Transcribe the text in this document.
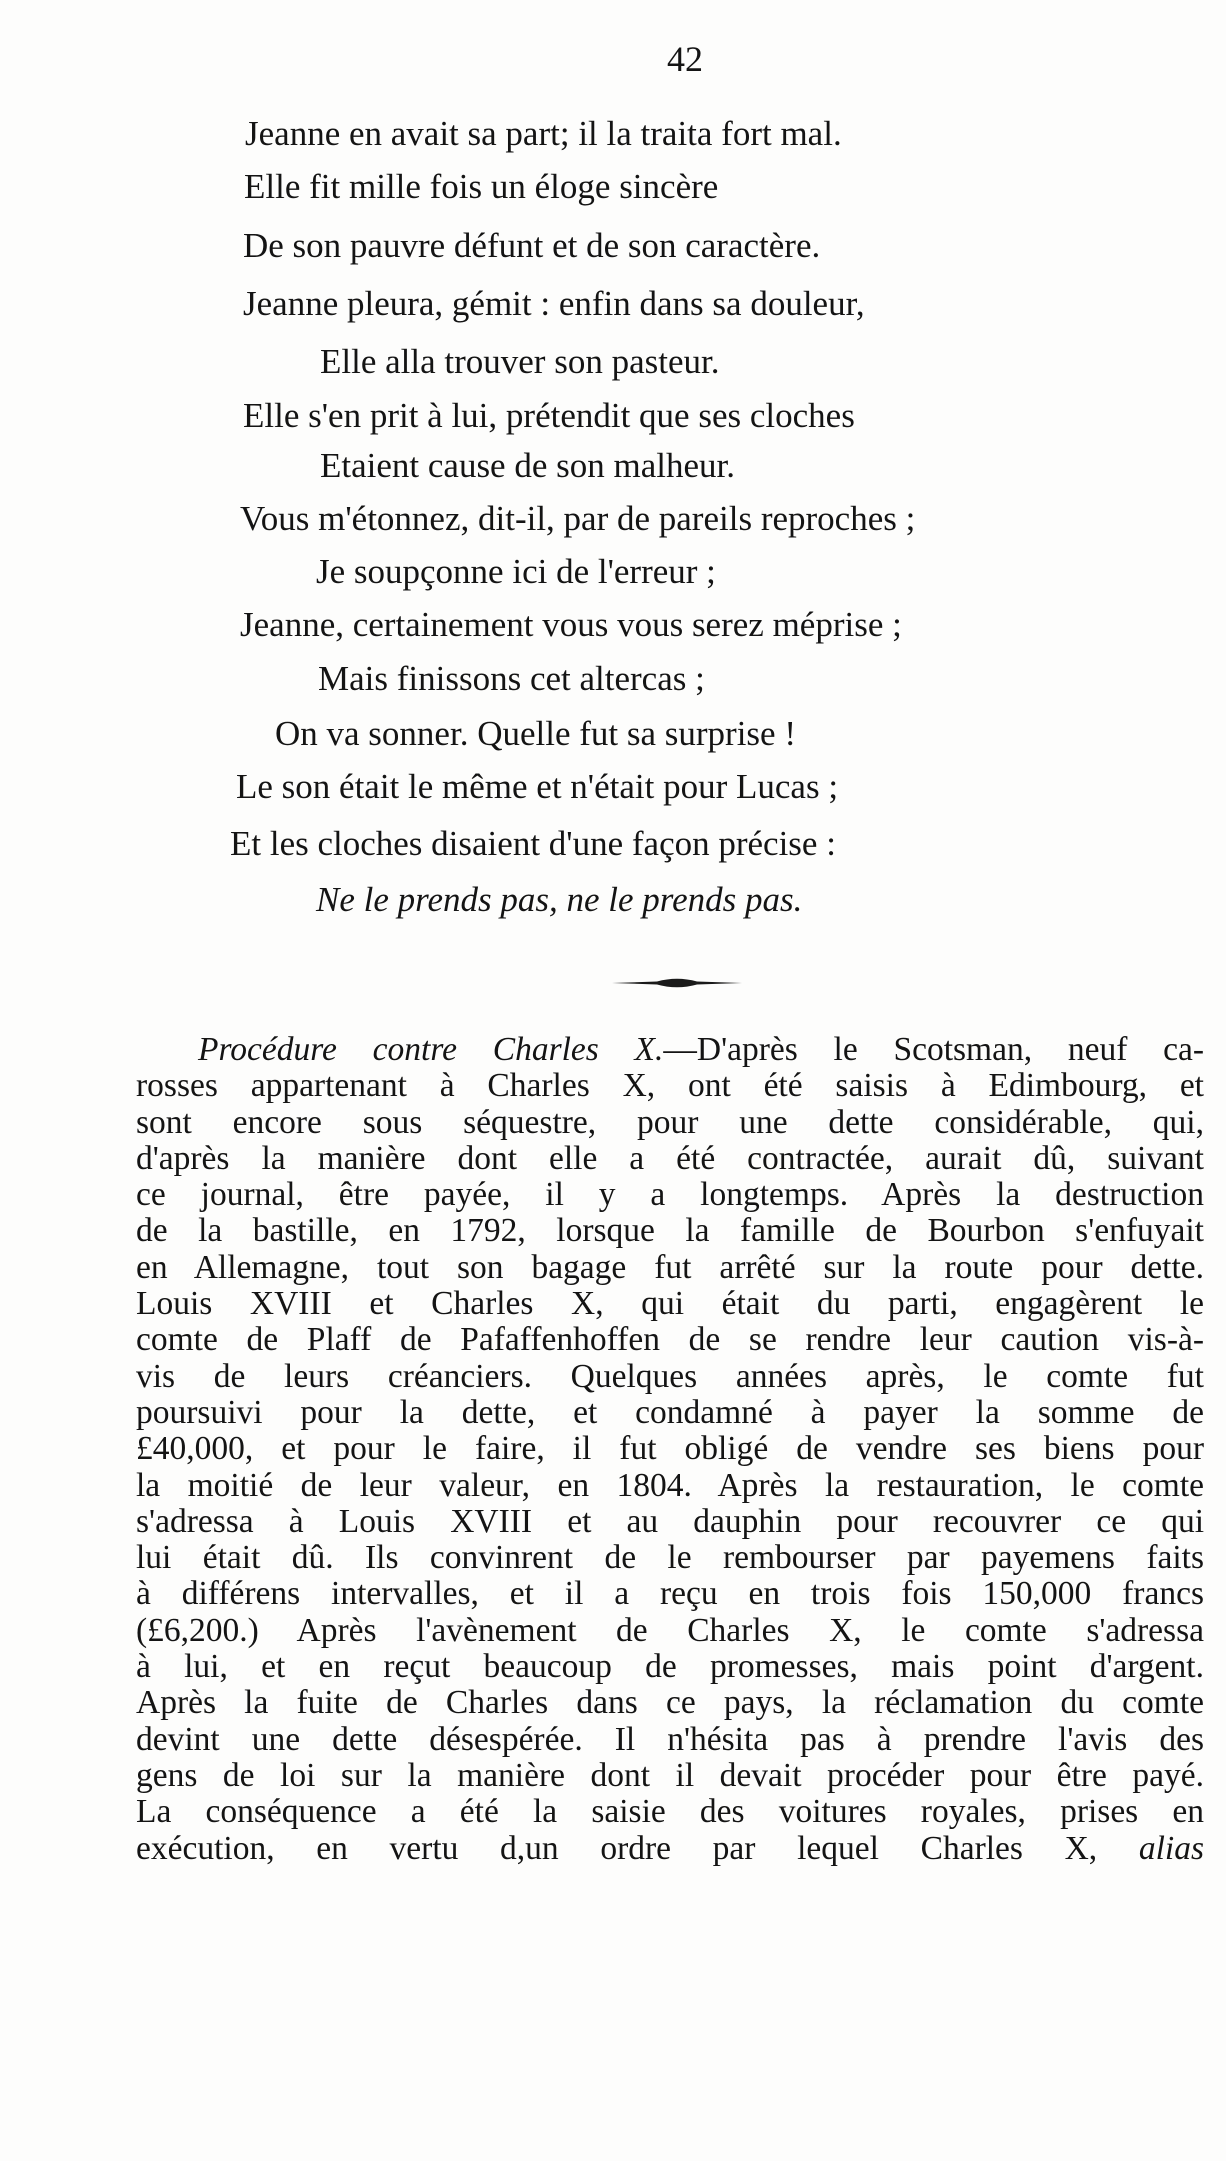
42
Jeanne en avait sa part; il la traita fort mal.
Elle fit mille fois un éloge sincère
De son pauvre défunt et de son caractère.
Jeanne pleura, gémit : enfin dans sa douleur,
Elle alla trouver son pasteur.
Elle s'en prit à lui, prétendit que ses cloches
Etaient cause de son malheur.
Vous m'étonnez, dit-il, par de pareils reproches ;
Je soupçonne ici de l'erreur ;
Jeanne, certainement vous vous serez méprise ;
Mais finissons cet altercas ;
On va sonner. Quelle fut sa surprise !
Le son était le même et n'était pour Lucas ;
Et les cloches disaient d'une façon précise :
Ne le prends pas, ne le prends pas.
Procédure contre Charles X.—D'après le Scotsman, neuf ca-
rosses appartenant à Charles X, ont été saisis à Edimbourg, et
sont encore sous séquestre, pour une dette considérable, qui,
d'après la manière dont elle a été contractée, aurait dû, suivant
ce journal, être payée, il y a longtemps. Après la destruction
de la bastille, en 1792, lorsque la famille de Bourbon s'enfuyait
en Allemagne, tout son bagage fut arrêté sur la route pour dette.
Louis XVIII et Charles X, qui était du parti, engagèrent le
comte de Plaff de Pafaffenhoffen de se rendre leur caution vis-à-
vis de leurs créanciers. Quelques années après, le comte fut
poursuivi pour la dette, et condamné à payer la somme de
£40,000, et pour le faire, il fut obligé de vendre ses biens pour
la moitié de leur valeur, en 1804. Après la restauration, le comte
s'adressa à Louis XVIII et au dauphin pour recouvrer ce qui
lui était dû. Ils convinrent de le rembourser par payemens faits
à différens intervalles, et il a reçu en trois fois 150,000 francs
(£6,200.) Après l'avènement de Charles X, le comte s'adressa
à lui, et en reçut beaucoup de promesses, mais point d'argent.
Après la fuite de Charles dans ce pays, la réclamation du comte
devint une dette désespérée. Il n'hésita pas à prendre l'avis des
gens de loi sur la manière dont il devait procéder pour être payé.
La conséquence a été la saisie des voitures royales, prises en
exécution, en vertu d,un ordre par lequel Charles X, alias
